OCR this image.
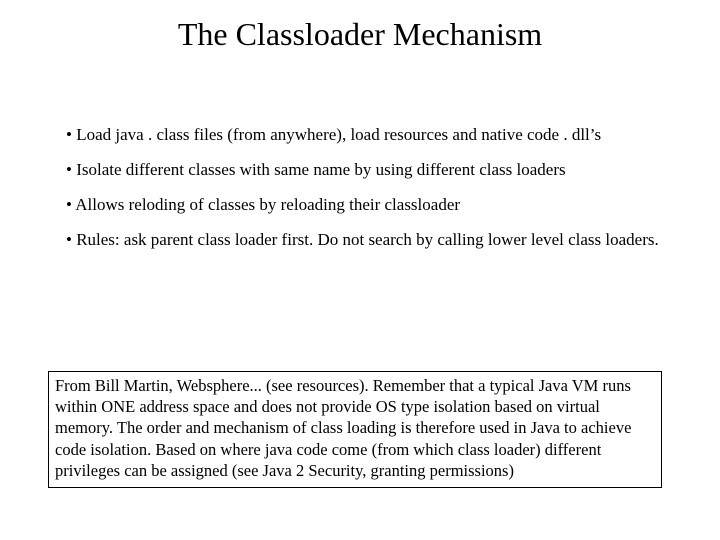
The Classloader Mechanism
• Load java . class files (from anywhere), load resources and native code . dll’s
• Isolate different classes with same name by using different class loaders
• Allows reloding of classes by reloading their classloader
• Rules: ask parent class loader first. Do not search by calling lower level class loaders.
From Bill Martin, Websphere... (see resources). Remember that a typical Java VM runs within ONE address space and does not provide OS type isolation based on virtual memory. The order and mechanism of class loading is therefore used in Java to achieve code isolation. Based on where java code come (from which class loader) different privileges can be assigned (see Java 2 Security, granting permissions)
